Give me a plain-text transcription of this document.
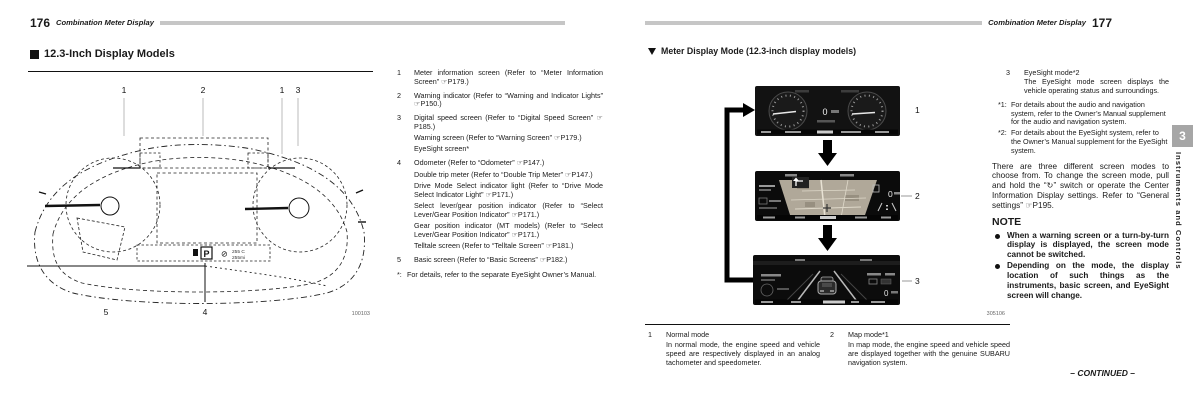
176 Combination Meter Display
12.3-Inch Display Models
P ⊘ 255 C
255mi
1	2	1 3
5	4	100103
1	Meter information screen (Refer to “Meter Information Screen” ☞P179.)

2	Warning indicator (Refer to “Warning and Indicator Lights” ☞P150.)

3	Digital speed screen (Refer to “Digital Speed Screen” ☞P185.)

Warning screen (Refer to “Warning Screen” ☞P179.)

EyeSight screen*

4	Odometer (Refer to “Odometer” ☞P147.)

Double trip meter (Refer to “Double Trip Meter” ☞P147.)

Drive Mode Select indicator light (Refer to “Drive Mode Select Indicator Light” ☞P171.)

Select lever/gear position indicator (Refer to “Select Lever/Gear Position Indicator” ☞P171.)

Gear position indicator (MT models) (Refer to “Select Lever/Gear Position Indicator” ☞P171.)

Telltale screen (Refer to “Telltale Screen” ☞P181.)

5	Basic screen (Refer to “Basic Screens” ☞P182.)

*: For details, refer to the separate EyeSight Owner’s Manual.
Combination Meter Display 177
Meter Display Mode (12.3-inch display models)
0
0
0
1
2
3
305106
1	Normal mode
In normal mode, the engine speed and vehicle speed are respectively displayed in an analog tachometer and speedometer.
2	Map mode*1
In map mode, the engine speed and vehicle speed are displayed together with the genuine SUBARU navigation system.
3	EyeSight mode*2

The EyeSight mode screen displays the vehicle operating status and surroundings.

*1: For details about the audio and navigation system, refer to the Owner’s Manual supplement for the audio and navigation system.
*2: For details about the EyeSight system, refer to the Owner’s Manual supplement for the EyeSight system.
There are three different screen modes to choose from. To change the screen mode, pull and hold the “↻” switch or operate the Center Information Display settings. Refer to “General settings” ☞P195.
NOTE
When a warning screen or a turn-by-turn display is displayed, the screen mode cannot be switched.
Depending on the mode, the display location of such things as the instruments, basic screen, and EyeSight screen will change.
3
Instruments and Controls
– CONTINUED –
